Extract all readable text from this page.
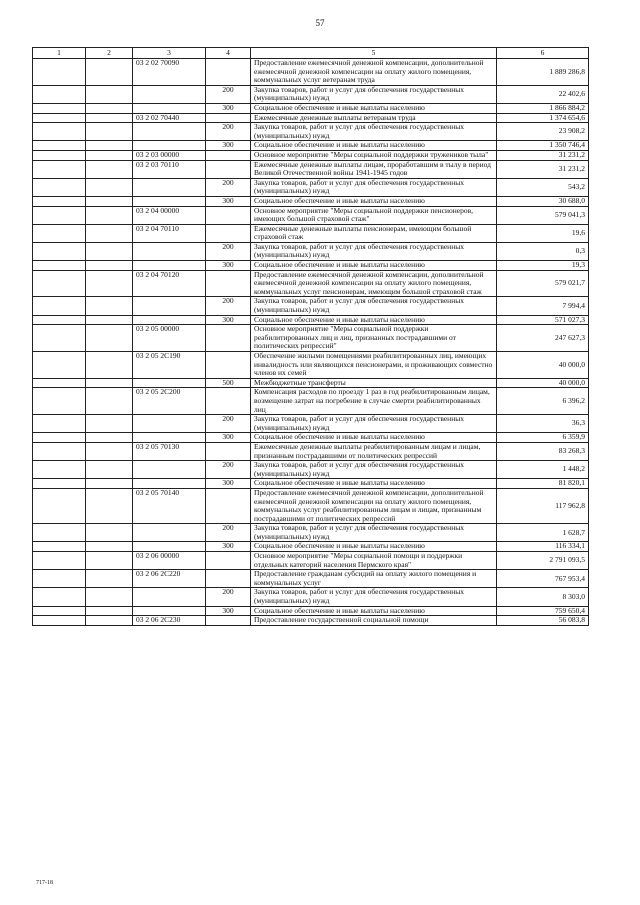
57
1	2	3	4	5	6
		03 2 02 70090		Предоставление ежемесячной денежной компенсации, дополнительной ежемесячной денежной компенсации на оплату жилого помещения, коммунальных услуг ветеранам труда	1 889 286,8
			200	Закупка товаров, работ и услуг для обеспечения государственных (муниципальных) нужд	22 402,6
			300	Социальное обеспечение и иные выплаты населению	1 866 884,2
		03 2 02 70440		Ежемесячные денежные выплаты ветеранам труда	1 374 654,6
			200	Закупка товаров, работ и услуг для обеспечения государственных (муниципальных) нужд	23 908,2
			300	Социальное обеспечение и иные выплаты населению	1 350 746,4
		03 2 03 00000		Основное мероприятие "Меры социальной поддержки тружеников тыла"	31 231,2
		03 2 03 70110		Ежемесячные денежные выплаты лицам, проработавшим в тылу в период Великой Отечественной войны 1941-1945 годов	31 231,2
			200	Закупка товаров, работ и услуг для обеспечения государственных (муниципальных) нужд	543,2
			300	Социальное обеспечение и иные выплаты населению	30 688,0
		03 2 04 00000		Основное мероприятие "Меры социальной поддержки пенсионеров, имеющих большой страховой стаж"	579 041,3
		03 2 04 70110		Ежемесячные денежные выплаты пенсионерам, имеющим большой страховой стаж	19,6
			200	Закупка товаров, работ и услуг для обеспечения государственных (муниципальных) нужд	0,3
			300	Социальное обеспечение и иные выплаты населению	19,3
		03 2 04 70120		Предоставление ежемесячной денежной компенсации, дополнительной ежемесячной денежной компенсации на оплату жилого помещения, коммунальных услуг пенсионерам, имеющим большой страховой стаж	579 021,7
			200	Закупка товаров, работ и услуг для обеспечения государственных (муниципальных) нужд	7 994,4
			300	Социальное обеспечение и иные выплаты населению	571 027,3
		03 2 05 00000		Основное мероприятие "Меры социальной поддержки реабилитированных лиц и лиц, признанных пострадавшими от политических репрессий"	247 627,3
		03 2 05 2С190		Обеспечение жилыми помещениями реабилитированных лиц, имеющих инвалидность или являющихся пенсионерами, и проживающих совместно членов их семей	40 000,0
			500	Межбюджетные трансферты	40 000,0
		03 2 05 2С200		Компенсация расходов по проезду 1 раз в год реабилитированным лицам, возмещение затрат на погребение в случае смерти реабилитированных лиц	6 396,2
			200	Закупка товаров, работ и услуг для обеспечения государственных (муниципальных) нужд	36,3
			300	Социальное обеспечение и иные выплаты населению	6 359,9
		03 2 05 70130		Ежемесячные денежные выплаты реабилитированным лицам и лицам, признанным пострадавшими от политических репрессий	83 268,3
			200	Закупка товаров, работ и услуг для обеспечения государственных (муниципальных) нужд	1 448,2
			300	Социальное обеспечение и иные выплаты населению	81 820,1
		03 2 05 70140		Предоставление ежемесячной денежной компенсации, дополнительной ежемесячной денежной компенсации на оплату жилого помещения, коммунальных услуг реабилитированным лицам и лицам, признанным пострадавшими от политических репрессий	117 962,8
			200	Закупка товаров, работ и услуг для обеспечения государственных (муниципальных) нужд	1 628,7
			300	Социальное обеспечение и иные выплаты населению	116 334,1
		03 2 06 00000		Основное мероприятие "Меры социальной помощи и поддержки отдельных категорий населения Пермского края"	2 791 093,5
		03 2 06 2С220		Предоставление гражданам субсидий на оплату жилого помещения и коммунальных услуг	767 953,4
			200	Закупка товаров, работ и услуг для обеспечения государственных (муниципальных) нужд	8 303,0
			300	Социальное обеспечение и иные выплаты населению	759 650,4
		03 2 06 2С230		Предоставление государственной социальной помощи	56 083,8
717-18
